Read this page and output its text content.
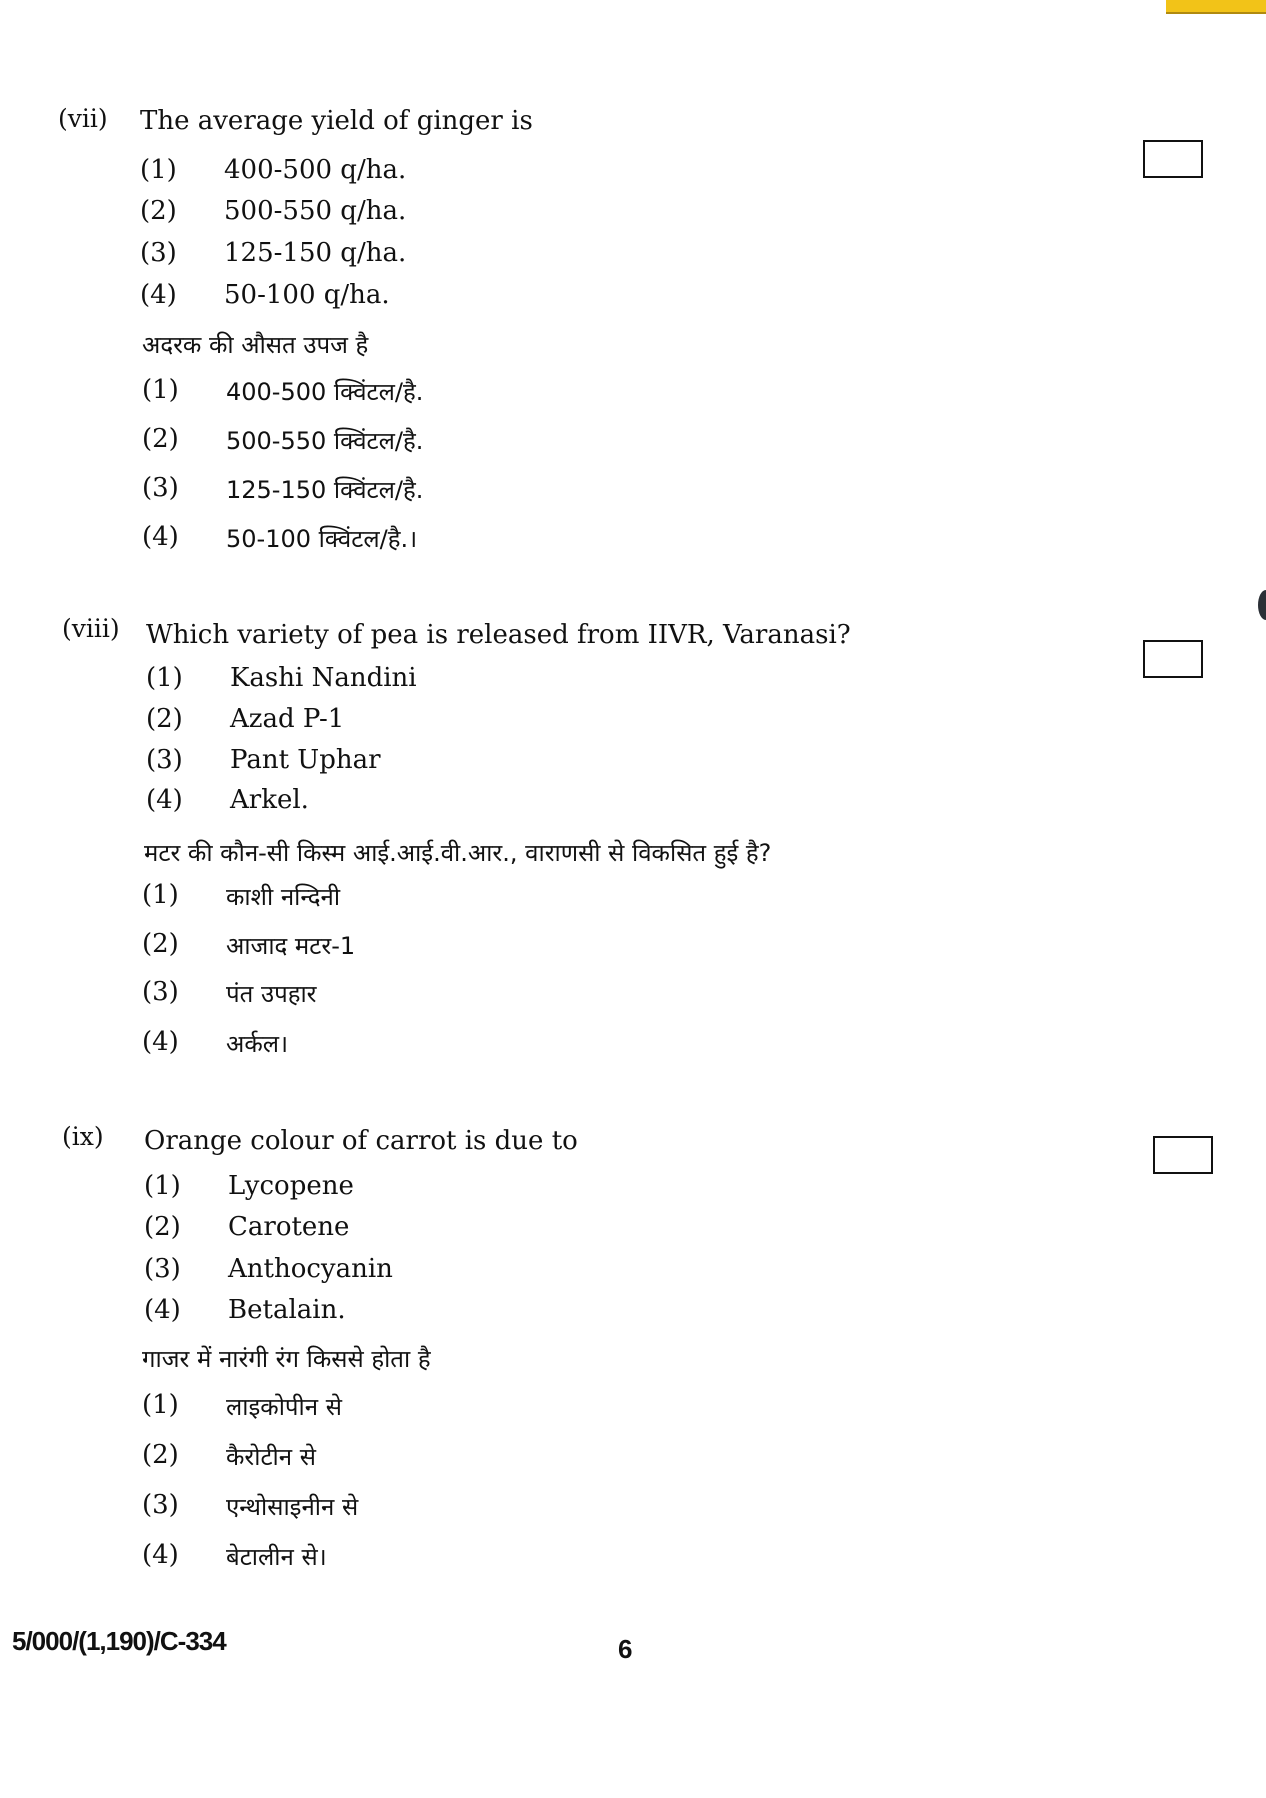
(vii) The average yield of ginger is
(1) 400-500 q/ha.
(2) 500-550 q/ha.
(3) 125-150 q/ha.
(4) 50-100 q/ha.
अदरक की औसत उपज है
(1) 400-500 क्विंटल/है.
(2) 500-550 क्विंटल/है.
(3) 125-150 क्विंटल/है.
(4) 50-100 क्विंटल/है.।
(viii) Which variety of pea is released from IIVR, Varanasi?
(1) Kashi Nandini
(2) Azad P-1
(3) Pant Uphar
(4) Arkel.
मटर की कौन-सी किस्म आई.आई.वी.आर., वाराणसी से विकसित हुई है?
(1) काशी नन्दिनी
(2) आजाद मटर-1
(3) पंत उपहार
(4) अर्कल।
(ix) Orange colour of carrot is due to
(1) Lycopene
(2) Carotene
(3) Anthocyanin
(4) Betalain.
गाजर में नारंगी रंग किससे होता है
(1) लाइकोपीन से
(2) कैरोटीन से
(3) एन्थोसाइनीन से
(4) बेटालीन से।
5/000/(1,190)/C-334	6
